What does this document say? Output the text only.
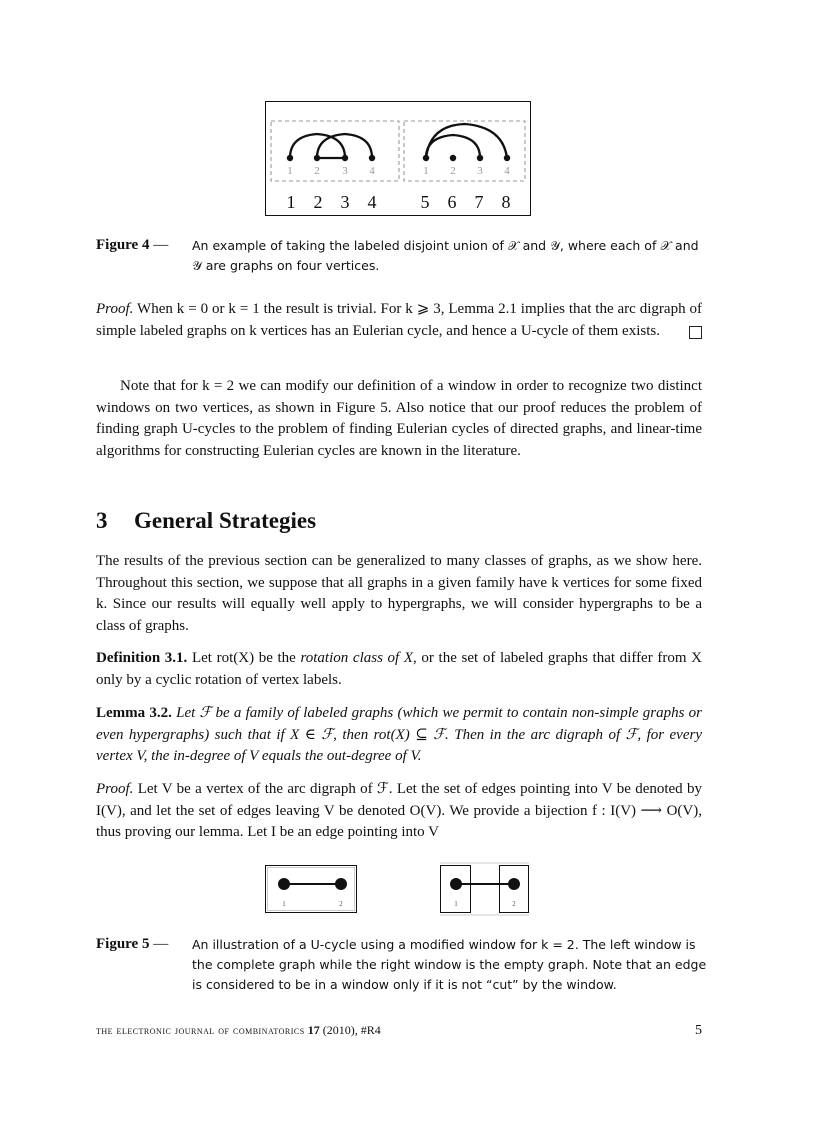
1 2 3 4	1 2 3 4
1 2 3 4 5 6 7 8
Figure 4 — An example of taking the labeled disjoint union of 𝒳 and 𝒴, where each of 𝒳 and
𝒴 are graphs on four vertices.

Proof. When k = 0 or k = 1 the result is trivial. For k ⩾ 3, Lemma 2.1 implies that the arc digraph of simple labeled graphs on k vertices has an Eulerian cycle, and hence a U-cycle of them exists.

Note that for k = 2 we can modify our definition of a window in order to recognize two distinct windows on two vertices, as shown in Figure 5. Also notice that our proof reduces the problem of finding graph U-cycles to the problem of finding Eulerian cycles of directed graphs, and linear-time algorithms for constructing Eulerian cycles are known in the literature.

3 General Strategies

The results of the previous section can be generalized to many classes of graphs, as we show here. Throughout this section, we suppose that all graphs in a given family have k vertices for some fixed k. Since our results will equally well apply to hypergraphs, we will consider hypergraphs to be a class of graphs.

Definition 3.1. Let rot(X) be the rotation class of X, or the set of labeled graphs that differ from X only by a cyclic rotation of vertex labels.

Lemma 3.2. Let ℱ be a family of labeled graphs (which we permit to contain non-simple graphs or even hypergraphs) such that if X ∈ ℱ, then rot(X) ⊆ ℱ. Then in the arc digraph of ℱ, for every vertex V, the in-degree of V equals the out-degree of V.

Proof. Let V be a vertex of the arc digraph of ℱ. Let the set of edges pointing into V be denoted by I(V), and let the set of edges leaving V be denoted O(V). We provide a bijection f : I(V) ⟶ O(V), thus proving our lemma. Let I be an edge pointing into V

1	2	1	2
Figure 5 — An illustration of a U-cycle using a modified window for k = 2. The left window is
the complete graph while the right window is the empty graph. Note that an edge
is considered to be in a window only if it is not “cut” by the window.
the electronic journal of combinatorics 17 (2010), #R4	5
